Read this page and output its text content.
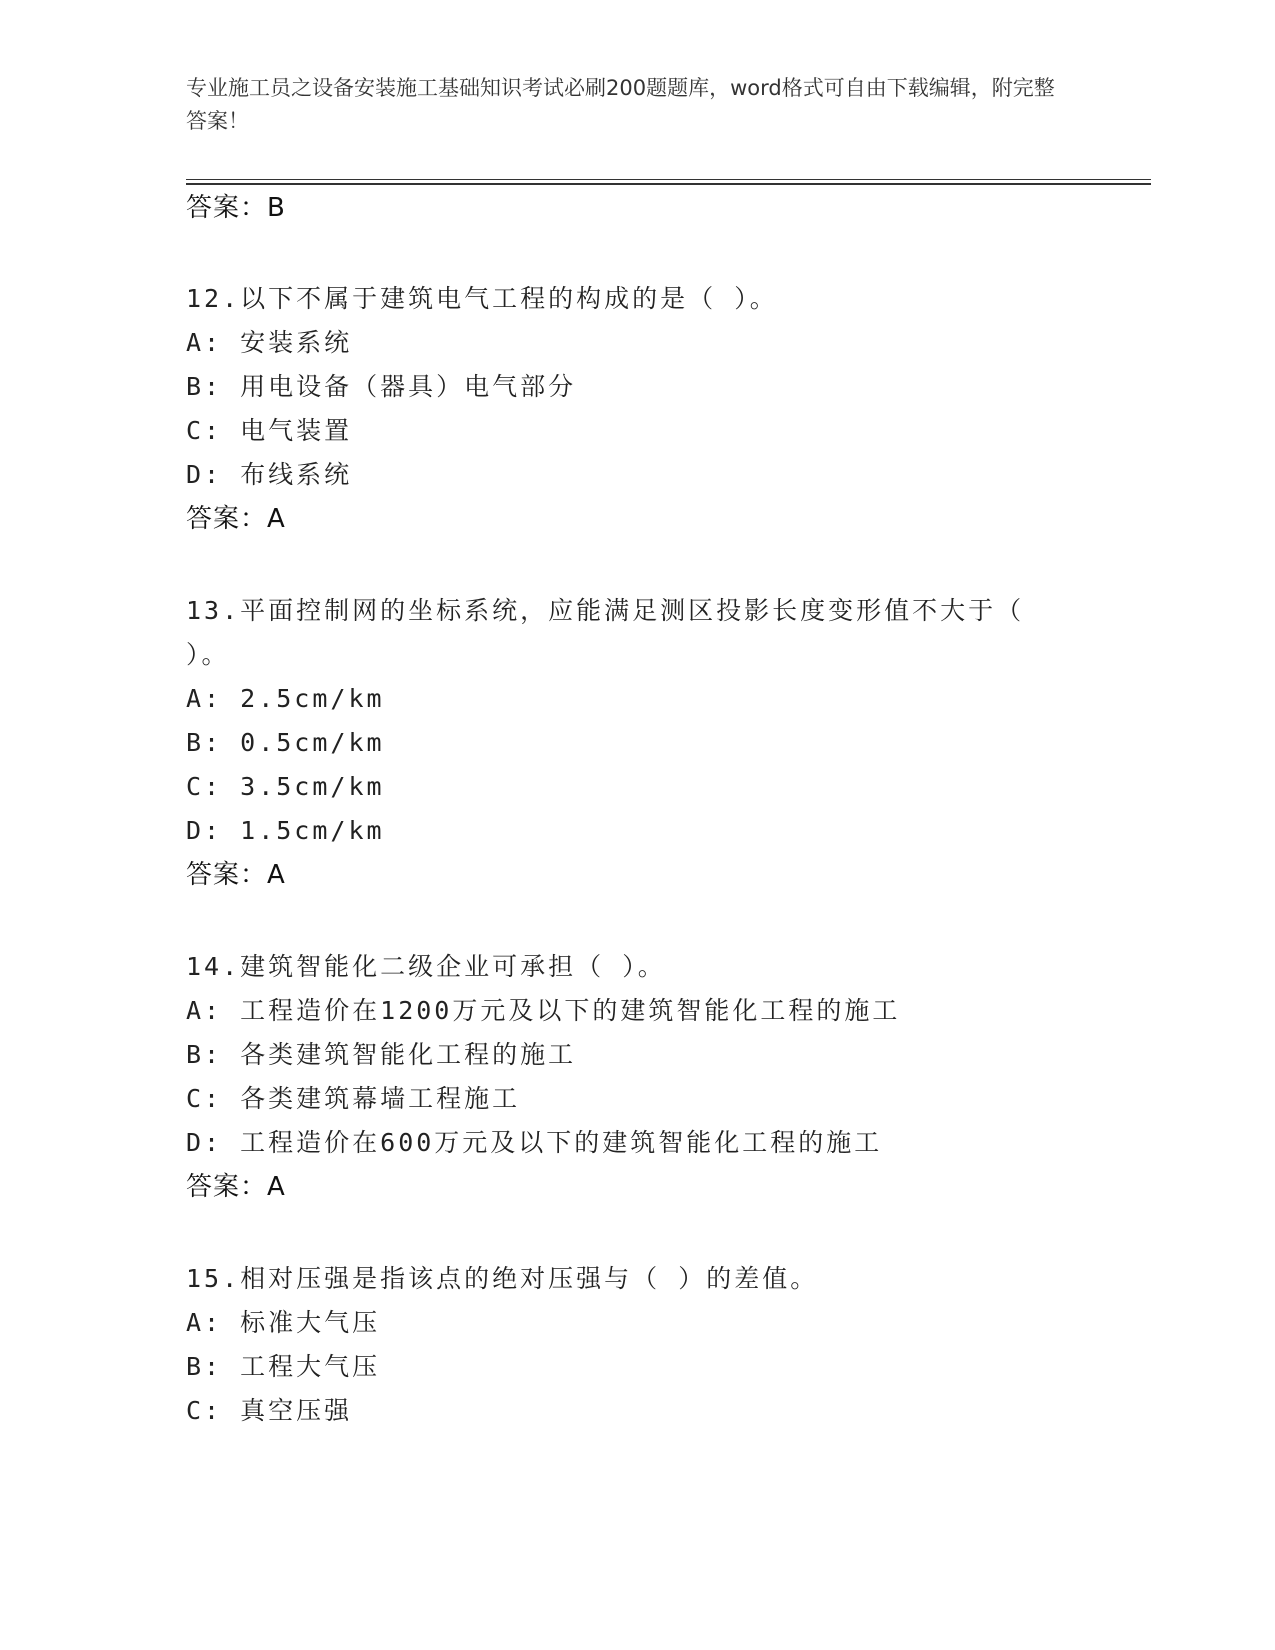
专业施工员之设备安装施工基础知识考试必刷200题题库，word格式可自由下载编辑，附完整答案！
答案：B
12.以下不属于建筑电气工程的构成的是（ ）。
A: 安装系统
B: 用电设备（器具）电气部分
C: 电气装置
D: 布线系统
答案：A
13.平面控制网的坐标系统，应能满足测区投影长度变形值不大于（
）。
A: 2.5cm/km
B: 0.5cm/km
C: 3.5cm/km
D: 1.5cm/km
答案：A
14.建筑智能化二级企业可承担（ ）。
A: 工程造价在1200万元及以下的建筑智能化工程的施工
B: 各类建筑智能化工程的施工
C: 各类建筑幕墙工程施工
D: 工程造价在600万元及以下的建筑智能化工程的施工
答案：A
15.相对压强是指该点的绝对压强与（ ）的差值。
A: 标准大气压
B: 工程大气压
C: 真空压强
